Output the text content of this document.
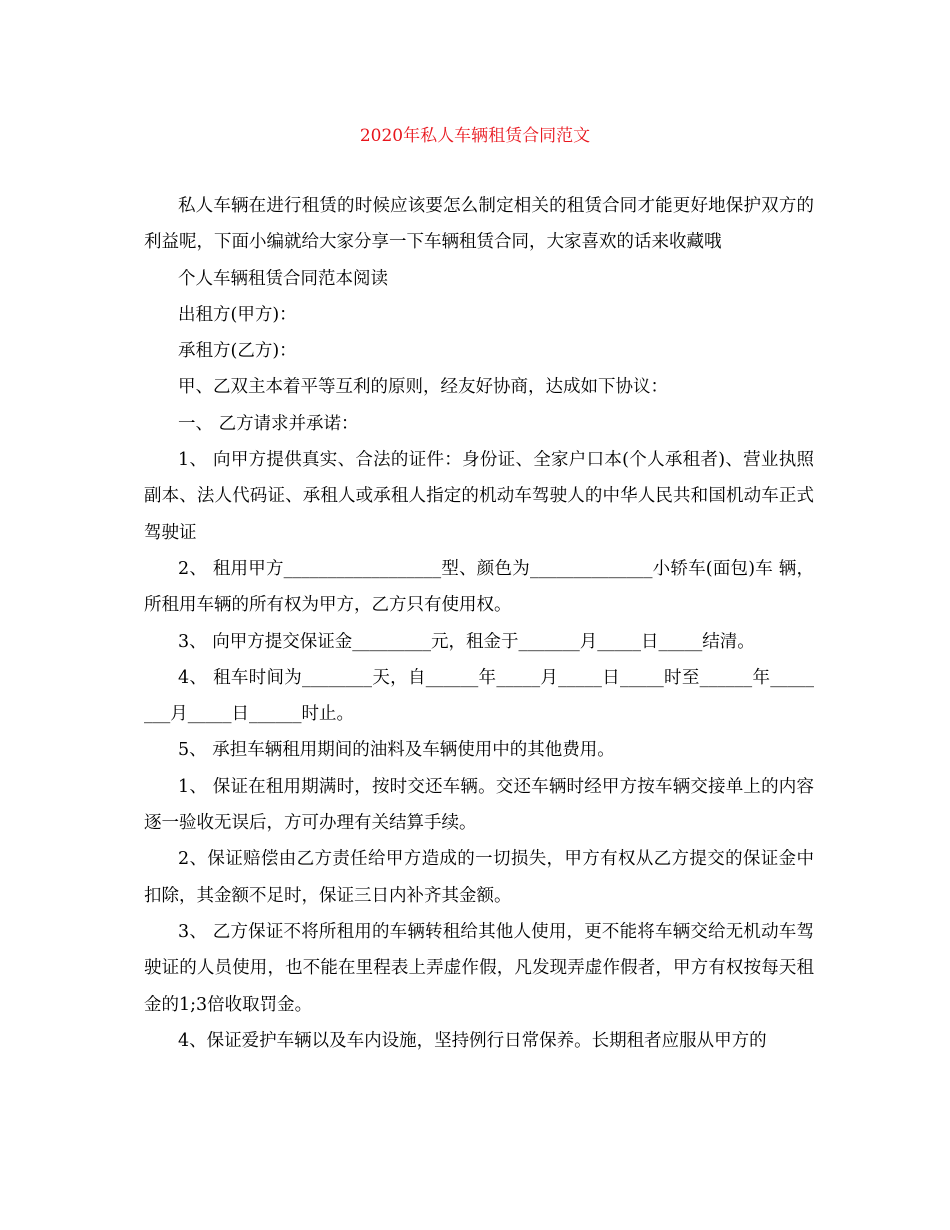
2020年私人车辆租赁合同范文

私人车辆在进行租赁的时候应该要怎么制定相关的租赁合同才能更好地保护双方的利益呢，下面小编就给大家分享一下车辆租赁合同，大家喜欢的话来收藏哦

个人车辆租赁合同范本阅读

出租方(甲方)：

承租方(乙方)：

甲、乙双主本着平等互利的原则，经友好协商，达成如下协议：

一、 乙方请求并承诺：

1、 向甲方提供真实、合法的证件：身份证、全家户口本(个人承租者)、营业执照副本、法人代码证、承租人或承租人指定的机动车驾驶人的中华人民共和国机动车正式驾驶证

2、 租用甲方__________________型、颜色为______________小轿车(面包)车 辆，所租用车辆的所有权为甲方，乙方只有使用权。

3、 向甲方提交保证金_________元，租金于_______月_____日_____结清。

4、 租车时间为________天，自______年_____月_____日_____时至______年________月_____日______时止。

5、 承担车辆租用期间的油料及车辆使用中的其他费用。

1、 保证在租用期满时，按时交还车辆。交还车辆时经甲方按车辆交接单上的内容逐一验收无误后，方可办理有关结算手续。

2、保证赔偿由乙方责任给甲方造成的一切损失，甲方有权从乙方提交的保证金中扣除，其金额不足时，保证三日内补齐其金额。

3、 乙方保证不将所租用的车辆转租给其他人使用，更不能将车辆交给无机动车驾驶证的人员使用，也不能在里程表上弄虚作假，凡发现弄虚作假者，甲方有权按每天租金的1;3倍收取罚金。

4、保证爱护车辆以及车内设施，坚持例行日常保养。长期租者应服从甲方的
